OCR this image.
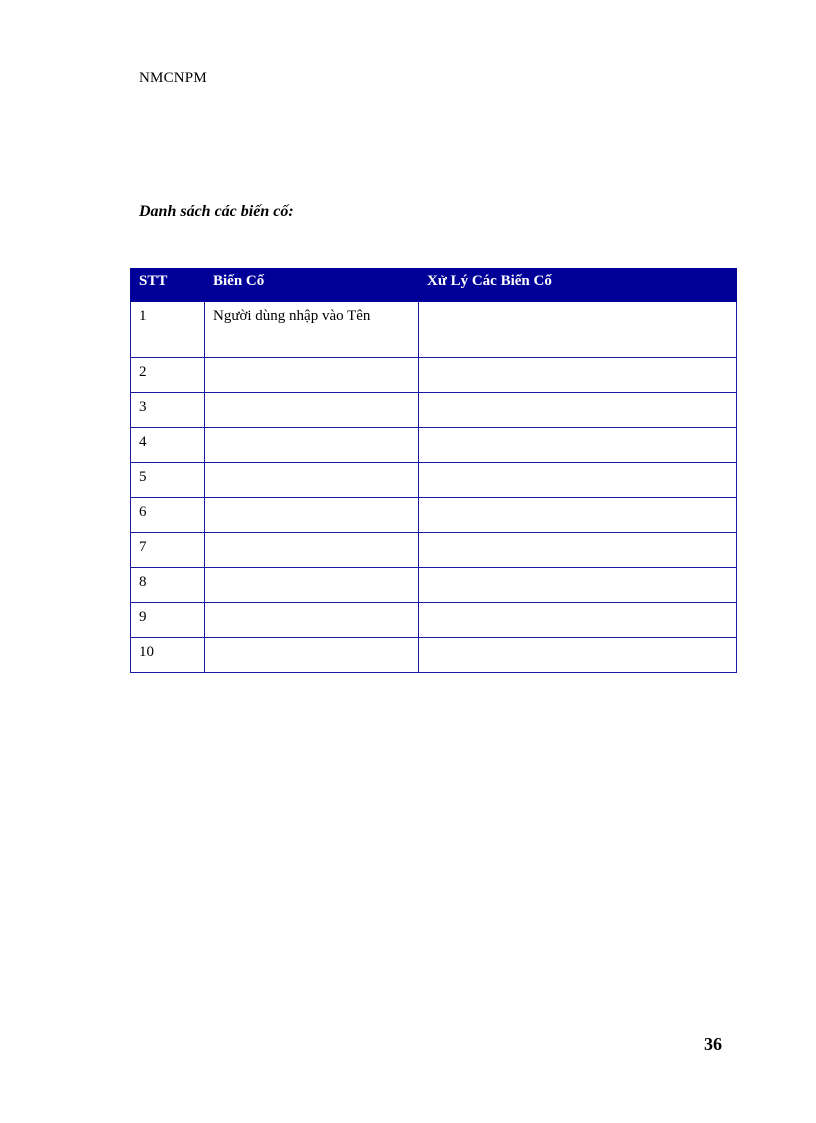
NMCNPM
Danh sách các biến cố:
STT	Biến Cố	Xử Lý Các Biến Cố
1	Người dùng nhập vào Tên	
2		
3		
4		
5		
6		
7		
8		
9		
10		
36
